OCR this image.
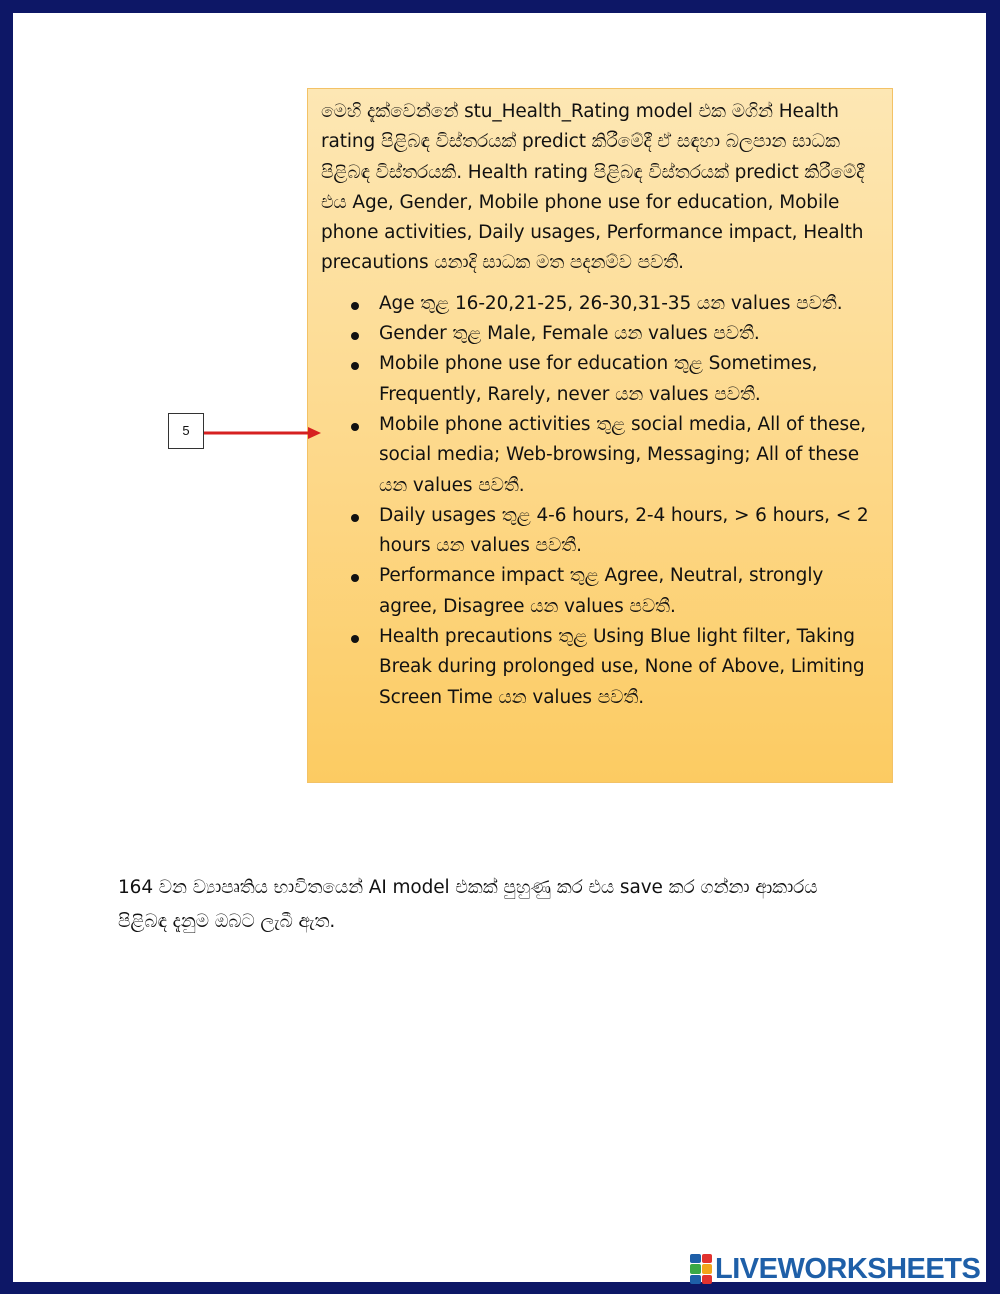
මෙහි දැක්වෙන්නේ stu_Health_Rating model එක මගින් Health rating පිළිබඳ විස්තරයක් predict කිරීමේදී ඒ සඳහා බලපාන සාධක පිළිබඳ විස්තරයකි. Health rating පිළිබඳ විස්තරයක් predict කිරීමේදී එය Age, Gender, Mobile phone use for education, Mobile phone activities, Daily usages, Performance impact, Health precautions යනාදි සාධක මත පදනම්ව පවතී.

Age තුළ 16-20,21-25, 26-30,31-35 යන values පවතී.
Gender තුළ Male, Female යන values පවතී.
Mobile phone use for education තුළ Sometimes, Frequently, Rarely, never යන values පවතී.
Mobile phone activities තුළ social media, All of these, social media; Web-browsing, Messaging; All of these යන values පවතී.
Daily usages තුළ 4-6 hours, 2-4 hours, > 6 hours, < 2 hours යන values පවතී.
Performance impact තුළ Agree, Neutral, strongly agree, Disagree යන values පවතී.
Health precautions තුළ Using Blue light filter, Taking Break during prolonged use, None of Above, Limiting Screen Time යන values පවතී.
5

164 වන ව්‍යාපෘතිය භාවිතයෙන් AI model එකක් පුහුණු කර එය save කර ගන්නා ආකාරය පිළිබඳ දැනුම ඔබට ලැබී ඇත.

LIVEWORKSHEETS
